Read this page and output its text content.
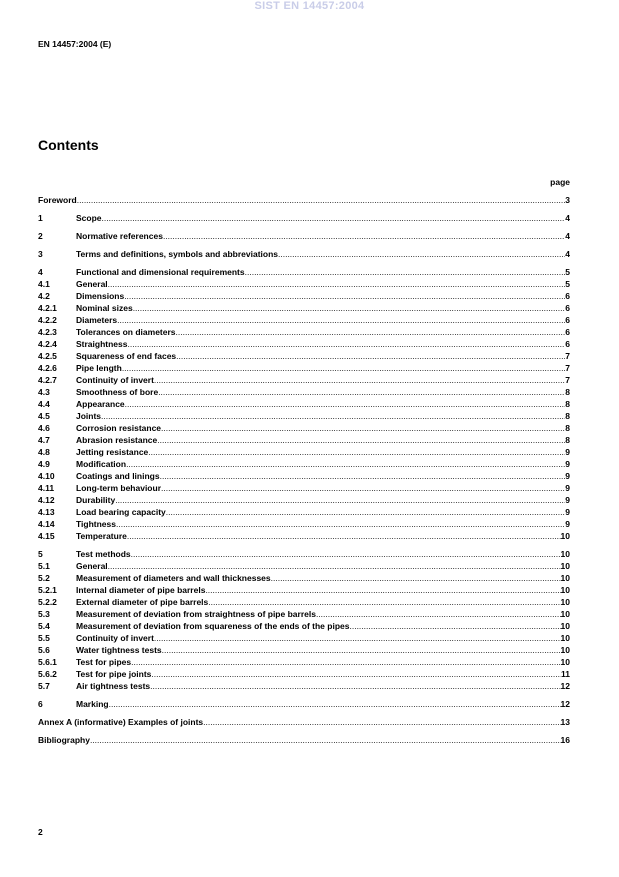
SIST EN 14457:2004
EN 14457:2004 (E)
Contents
page
Foreword .....	3
1	Scope .....	4
2	Normative references .....	4
3	Terms and definitions, symbols and abbreviations .....	4
4	Functional and dimensional requirements .....	5
4.1	General .....	5
4.2	Dimensions .....	6
4.2.1	Nominal sizes .....	6
4.2.2	Diameters .....	6
4.2.3	Tolerances on diameters .....	6
4.2.4	Straightness .....	6
4.2.5	Squareness of end faces .....	7
4.2.6	Pipe length .....	7
4.2.7	Continuity of invert .....	7
4.3	Smoothness of bore .....	8
4.4	Appearance .....	8
4.5	Joints .....	8
4.6	Corrosion resistance .....	8
4.7	Abrasion resistance .....	8
4.8	Jetting resistance .....	9
4.9	Modification .....	9
4.10	Coatings and linings .....	9
4.11	Long-term behaviour .....	9
4.12	Durability .....	9
4.13	Load bearing capacity .....	9
4.14	Tightness .....	9
4.15	Temperature .....	10
5	Test methods .....	10
5.1	General .....	10
5.2	Measurement of diameters and wall thicknesses .....	10
5.2.1	Internal diameter of pipe barrels .....	10
5.2.2	External diameter of pipe barrels .....	10
5.3	Measurement of deviation from straightness of pipe barrels .....	10
5.4	Measurement of deviation from squareness of the ends of the pipes .....	10
5.5	Continuity of invert .....	10
5.6	Water tightness tests .....	10
5.6.1	Test for pipes .....	10
5.6.2	Test for pipe joints .....	11
5.7	Air tightness tests .....	12
6	Marking .....	12
Annex A (informative) Examples of joints .....	13
Bibliography .....	16
2
